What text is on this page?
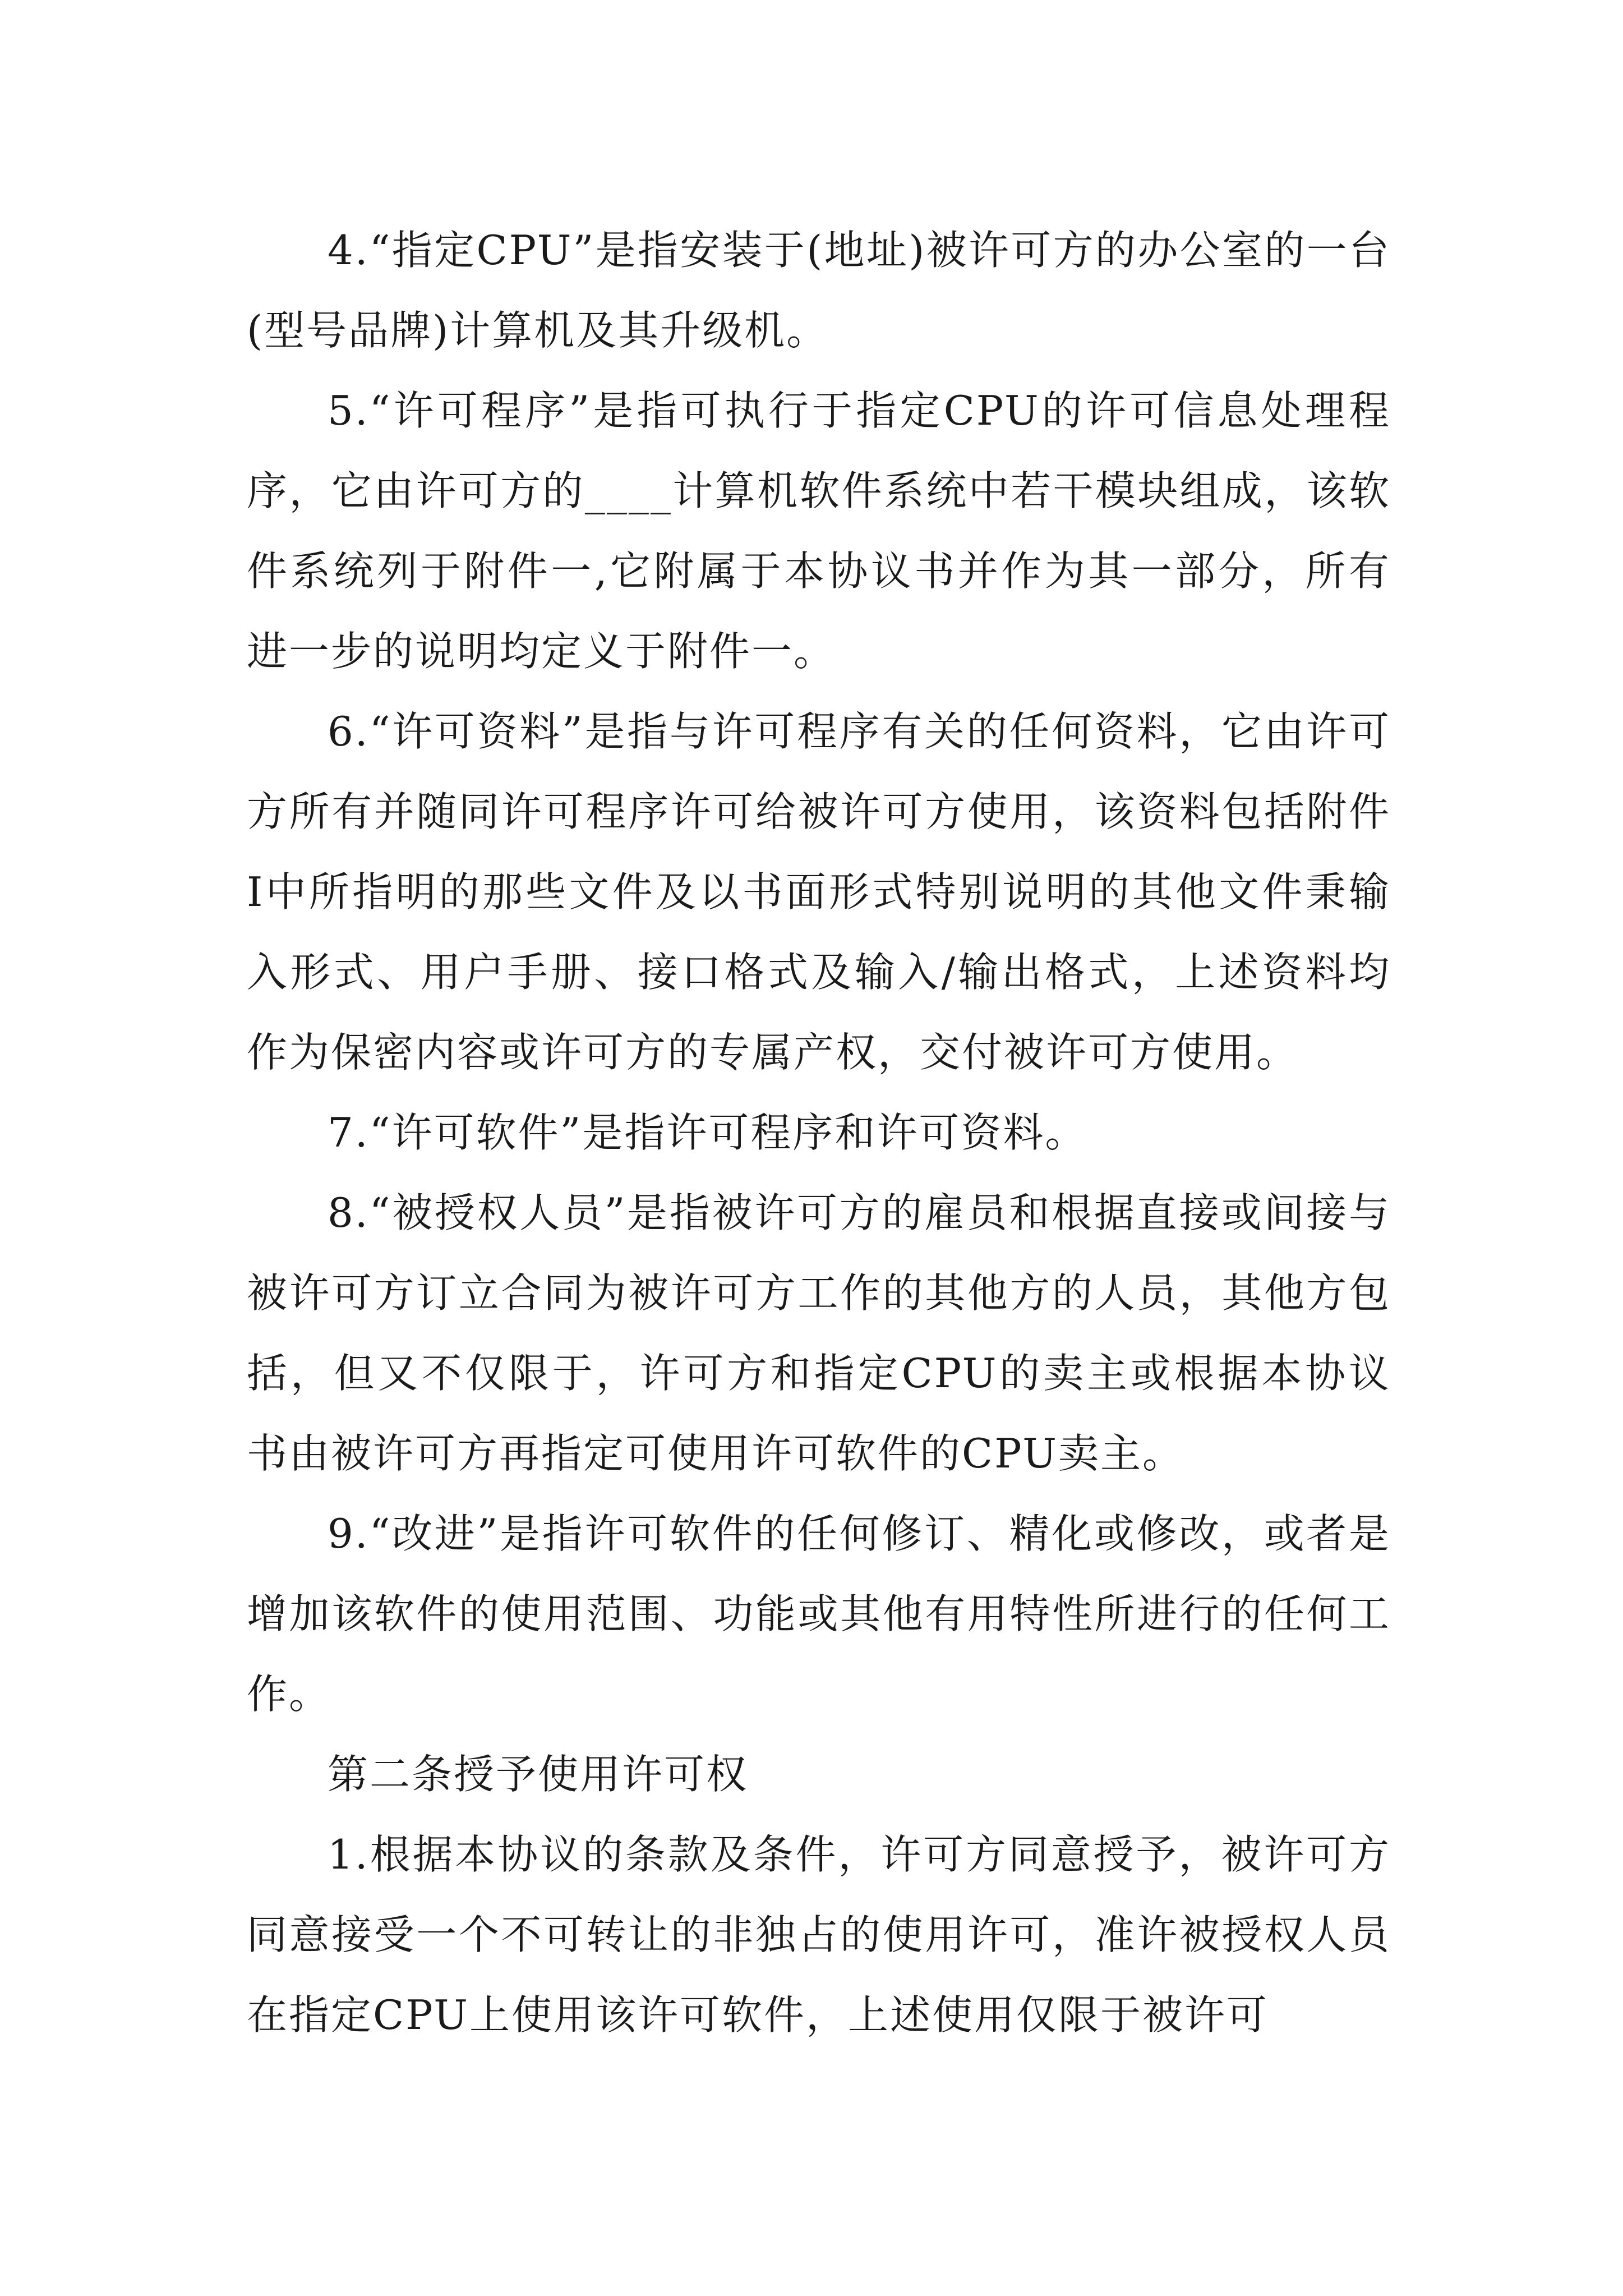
4.“指定CPU”是指安装于(地址)被许可方的办公室的一台(型号品牌)计算机及其升级机。

5.“许可程序”是指可执行于指定CPU的许可信息处理程序，它由许可方的____计算机软件系统中若干模块组成，该软件系统列于附件一,它附属于本协议书并作为其一部分，所有进一步的说明均定义于附件一。

6.“许可资料”是指与许可程序有关的任何资料，它由许可方所有并随同许可程序许可给被许可方使用，该资料包括附件I中所指明的那些文件及以书面形式特别说明的其他文件秉输入形式、用户手册、接口格式及输入/输出格式，上述资料均作为保密内容或许可方的专属产权，交付被许可方使用。

7.“许可软件”是指许可程序和许可资料。

8.“被授权人员”是指被许可方的雇员和根据直接或间接与被许可方订立合同为被许可方工作的其他方的人员，其他方包括，但又不仅限于，许可方和指定CPU的卖主或根据本协议书由被许可方再指定可使用许可软件的CPU卖主。

9.“改进”是指许可软件的任何修订、精化或修改，或者是增加该软件的使用范围、功能或其他有用特性所进行的任何工作。

第二条授予使用许可权

1.根据本协议的条款及条件，许可方同意授予，被许可方同意接受一个不可转让的非独占的使用许可，准许被授权人员在指定CPU上使用该许可软件，上述使用仅限于被许可
